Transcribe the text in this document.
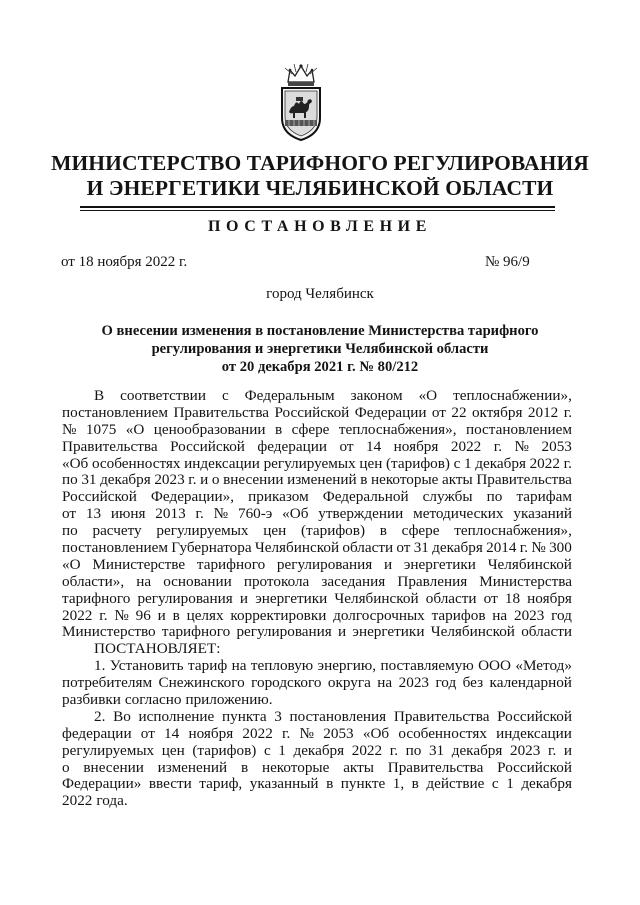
МИНИСТЕРСТВО ТАРИФНОГО РЕГУЛИРОВАНИЯ
И ЭНЕРГЕТИКИ ЧЕЛЯБИНСКОЙ ОБЛАСТИ
ПОСТАНОВЛЕНИЕ
от 18 ноября 2022 г.	№ 96/9
город Челябинск
О внесении изменения в постановление Министерства тарифного
регулирования и энергетики Челябинской области
от 20 декабря 2021 г. № 80/212
В соответствии с Федеральным законом «О теплоснабжении»,
постановлением Правительства Российской Федерации от 22 октября 2012 г.
№ 1075 «О ценообразовании в сфере теплоснабжения», постановлением
Правительства Российской федерации от 14 ноября 2022 г. № 2053
«Об особенностях индексации регулируемых цен (тарифов) с 1 декабря 2022 г.
по 31 декабря 2023 г. и о внесении изменений в некоторые акты Правительства
Российской Федерации», приказом Федеральной службы по тарифам
от 13 июня 2013 г. № 760-э «Об утверждении методических указаний
по расчету регулируемых цен (тарифов) в сфере теплоснабжения»,
постановлением Губернатора Челябинской области от 31 декабря 2014 г. № 300
«О Министерстве тарифного регулирования и энергетики Челябинской
области», на основании протокола заседания Правления Министерства
тарифного регулирования и энергетики Челябинской области от 18 ноября
2022 г. № 96 и в целях корректировки долгосрочных тарифов на 2023 год
Министерство тарифного регулирования и энергетики Челябинской области
ПОСТАНОВЛЯЕТ:
1. Установить тариф на тепловую энергию, поставляемую ООО «Метод»
потребителям Снежинского городского округа на 2023 год без календарной
разбивки согласно приложению.
2. Во исполнение пункта 3 постановления Правительства Российской
федерации от 14 ноября 2022 г. № 2053 «Об особенностях индексации
регулируемых цен (тарифов) с 1 декабря 2022 г. по 31 декабря 2023 г. и
о внесении изменений в некоторые акты Правительства Российской
Федерации» ввести тариф, указанный в пункте 1, в действие с 1 декабря
2022 года.
